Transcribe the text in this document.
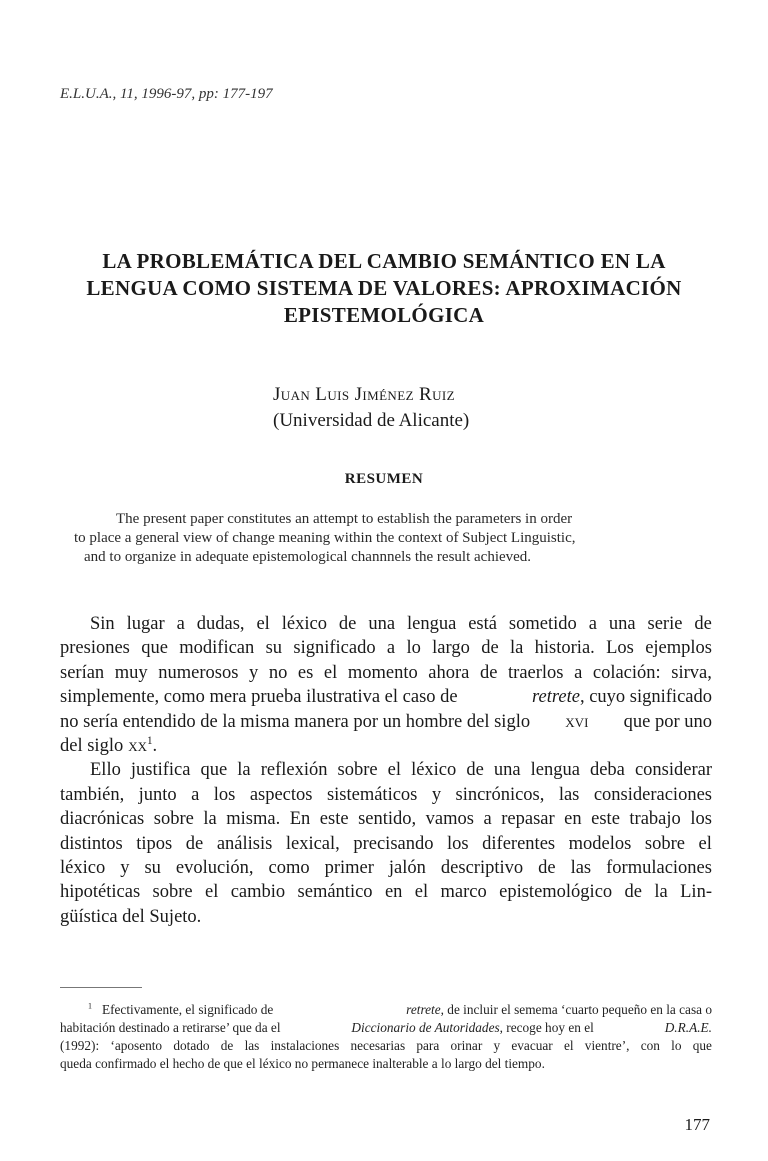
E.L.U.A., 11, 1996-97, pp: 177-197
LA PROBLEMÁTICA DEL CAMBIO SEMÁNTICO EN LA
LENGUA COMO SISTEMA DE VALORES: APROXIMACIÓN
EPISTEMOLÓGICA
Juan Luis Jiménez Ruiz
(Universidad de Alicante)
RESUMEN
The present paper constitutes an attempt to establish the parameters in order
to place a general view of change meaning within the context of Subject Linguistic,
and to organize in adequate epistemological channnels the result achieved.
Sin lugar a dudas, el léxico de una lengua está sometido a una serie de
presiones que modifican su significado a lo largo de la historia. Los ejemplos
serían muy numerosos y no es el momento ahora de traerlos a colación: sirva,
simplemente, como mera prueba ilustrativa el caso de	retrete, cuyo significado
no sería entendido de la misma manera por un hombre del siglo xvi que por uno
del siglo $xx^1$.
Ello justifica que la reflexión sobre el léxico de una lengua deba considerar
también, junto a los aspectos sistemáticos y sincrónicos, las consideraciones
diacrónicas sobre la misma. En este sentido, vamos a repasar en este trabajo los
distintos tipos de análisis lexical, precisando los diferentes modelos sobre el
léxico y su evolución, como primer jalón descriptivo de las formulaciones
hipotéticas sobre el cambio semántico en el marco epistemológico de la Lin-
güística del Sujeto.
$^1$ Efectivamente, el significado de	retrete, de incluir el semema ‘cuarto pequeño en la casa o
habitación destinado a retirarse’ que da el	Diccionario de Autoridades, recoge hoy en el	D.R.A.E.
(1992): ‘aposento dotado de las instalaciones necesarias para orinar y evacuar el vientre’, con lo que
queda confirmado el hecho de que el léxico no permanece inalterable a lo largo del tiempo.
177
